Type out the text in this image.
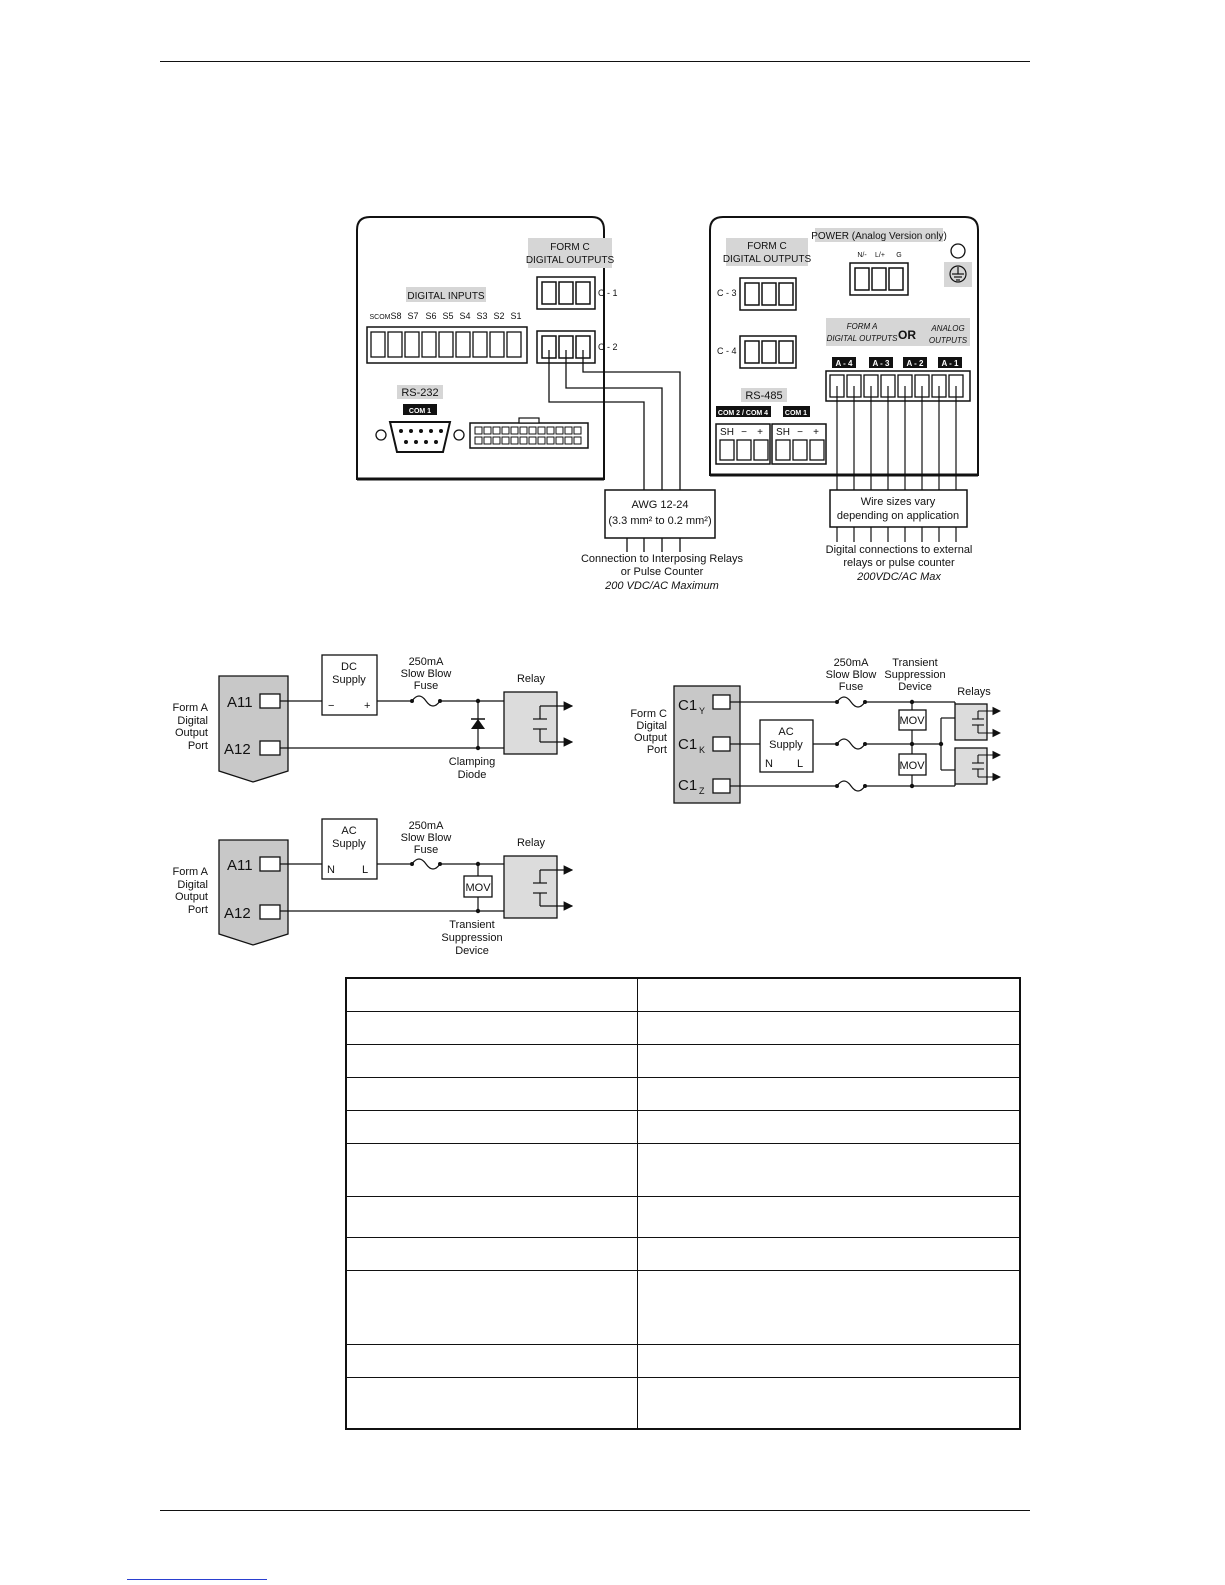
FORM C
DIGITAL OUTPUTS
C - 1
C - 2
DIGITAL INPUTS
SCOM S8 S7 S6 S5 S4 S3 S2 S1
RS-232
COM 1
AWG 12-24
(3.3 mm² to 0.2 mm²)
Connection to Interposing Relays
or Pulse Counter
200 VDC/AC Maximum
FORM C
DIGITAL OUTPUTS
POWER (Analog Version only)
N/- L/+ G
C - 3
C - 4
FORM A
DIGITAL OUTPUTS OR ANALOG
OUTPUTS
A - 4 A - 3 A - 2 A - 1
RS-485
COM 2 / COM 4 COM 1
SH − + SH − +
Wire sizes vary
depending on application
Digital connections to external
relays or pulse counter
200VDC/AC Max
Form A
Digital
Output
Port
A11
A12
DC
Supply
−	+
250mA
Slow Blow
Fuse
Clamping
Diode
Relay
Form A
Digital
Output
Port
A11
A12
AC
Supply
N L
250mA
Slow Blow
Fuse
MOV
Transient
Suppression
Device
Relay
Form C
Digital
Output
Port
C1 Y
C1 K
C1 Z
AC
Supply
N L
MOV
MOV
250mA
Slow Blow
Fuse
Transient
Suppression
Device Relays
